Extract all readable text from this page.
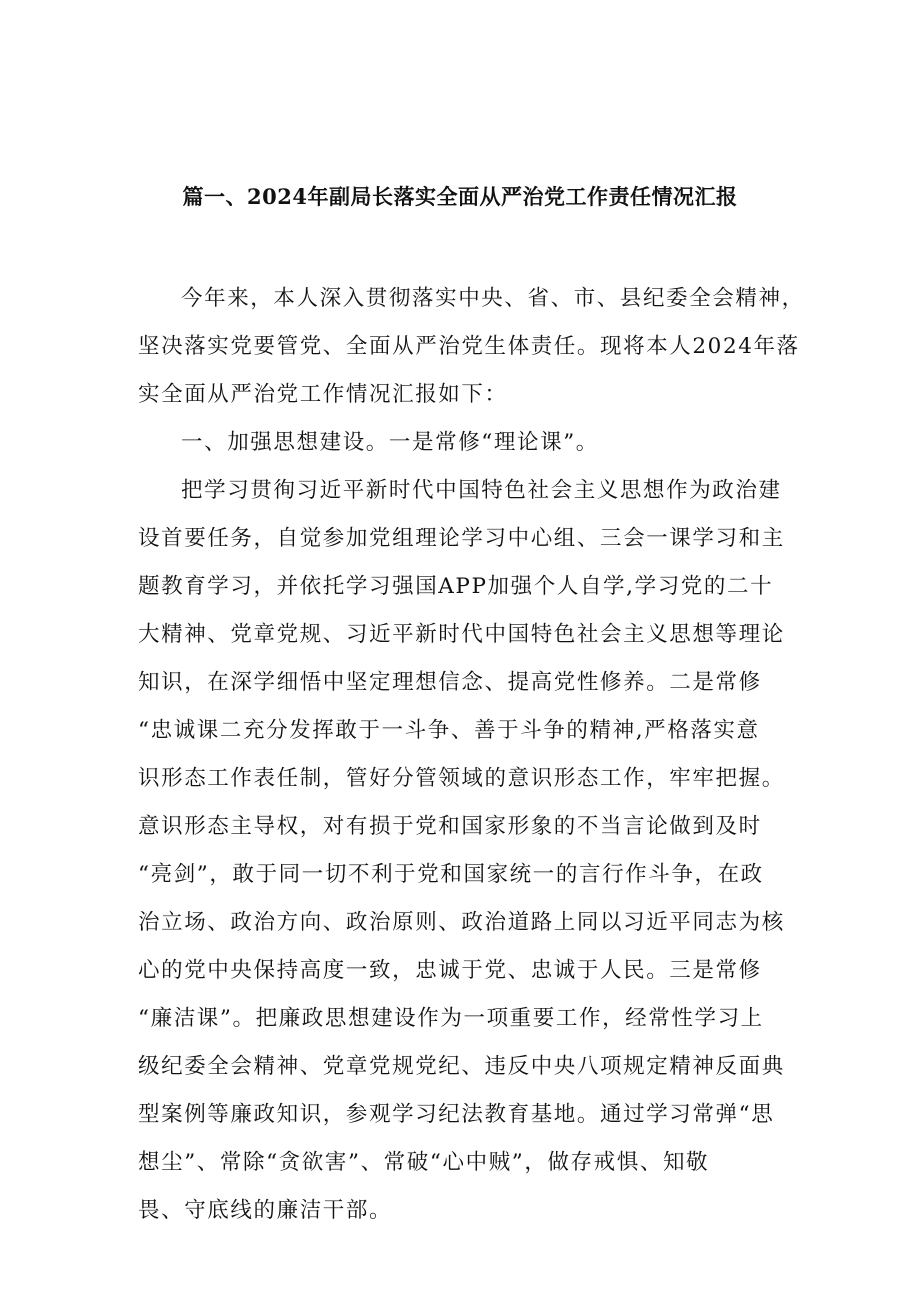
篇一、2024年副局长落实全面从严治党工作责任情况汇报

今年来，本人深入贯彻落实中央、省、市、县纪委全会精神，

坚决落实党要管党、全面从严治党生体责任。现将本人2024年落

实全面从严治党工作情况汇报如下：

一、加强思想建设。一是常修“理论课”。

把学习贯徇习近平新时代中国特色社会主义思想作为政治建

设首要任务，自觉参加党组理论学习中心组、三会一课学习和主

题教育学习，并依托学习强国APP加强个人自学,学习党的二十

大精神、党章党规、习近平新时代中国特色社会主义思想等理论

知识，在深学细悟中坚定理想信念、提高党性修养。二是常修

“忠诚课二充分发挥敢于一斗争、善于斗争的精神,严格落实意

识形态工作表任制，管好分管领域的意识形态工作，牢牢把握。

意识形态主导权，对有损于党和国家形象的不当言论做到及时

“亮剑”，敢于同一切不利于党和国家统一的言行作斗争，在政

治立场、政治方向、政治原则、政治道路上同以习近平同志为核

心的党中央保持高度一致，忠诚于党、忠诚于人民。三是常修

“廉洁课”。把廉政思想建设作为一项重要工作，经常性学习上

级纪委全会精神、党章党规党纪、违反中央八项规定精神反面典

型案例等廉政知识，参观学习纪法教育基地。通过学习常弹“思

想尘”、常除“贪欲害”、常破“心中贼”，做存戒惧、知敬

畏、守底线的廉洁干部。
